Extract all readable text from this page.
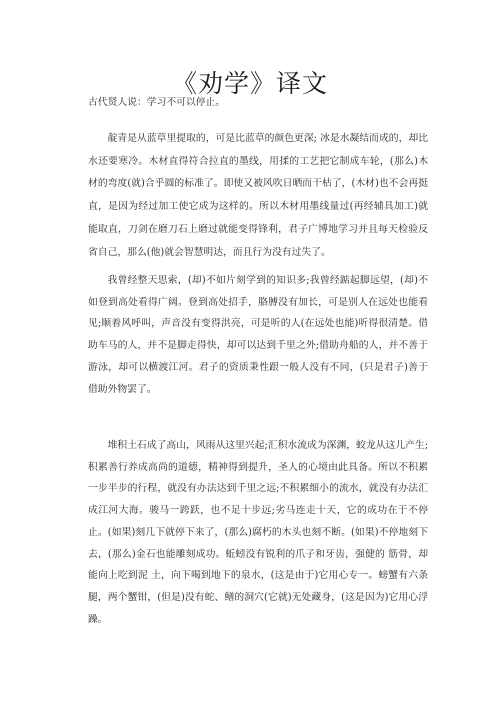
《劝学》译文

古代贤人说：学习不可以停止。

靛青是从蓝草里提取的，可是比蓝草的颜色更深; 冰是水凝结而成的，却比水还要寒冷。木材直得符合拉直的墨线，用揉的工艺把它制成车轮，(那么)木材的弯度(就)合乎圆的标准了。即使又被风吹日晒而干枯了，(木材)也不会再挺直，是因为经过加工使它成为这样的。所以木材用墨线量过(再经辅具加工)就能取直，刀剑在磨刀石上磨过就能变得锋利，君子广博地学习并且每天检验反省自己，那么(他)就会智慧明达，而且行为没有过失了。

我曾经整天思索，(却)不如片刻学到的知识多;我曾经踮起脚远望，(却)不如登到高处看得广阔。登到高处招手，胳膊没有加长，可是别人在远处也能看见;顺着风呼叫，声音没有变得洪亮，可是听的人(在远处也能)听得很清楚。借助车马的人，并不是脚走得快，却可以达到千里之外;借助舟船的人，并不善于游泳，却可以横渡江河。君子的资质秉性跟一般人没有不同，(只是君子)善于借助外物罢了。

堆积土石成了高山，风雨从这里兴起;汇积水流成为深渊，蛟龙从这儿产生;积累善行养成高尚的道德，精神得到提升，圣人的心境由此具备。所以不积累一步半步的行程，就没有办法达到千里之远;不积累细小的流水，就没有办法汇成江河大海。骏马一跨跃，也不足十步远;劣马连走十天，它的成功在于不停止。(如果)刻几下就停下来了，(那么)腐朽的木头也刻不断。(如果)不停地刻下去，(那么)金石也能雕刻成功。蚯蚓没有锐利的爪子和牙齿，强健的 筋骨，却能向上吃到泥 土，向下喝到地下的泉水，(这是由于)它用心专一。螃蟹有六条腿，两个蟹钳，(但是)没有蛇、鳝的洞穴(它就)无处藏身，(这是因为)它用心浮躁。
